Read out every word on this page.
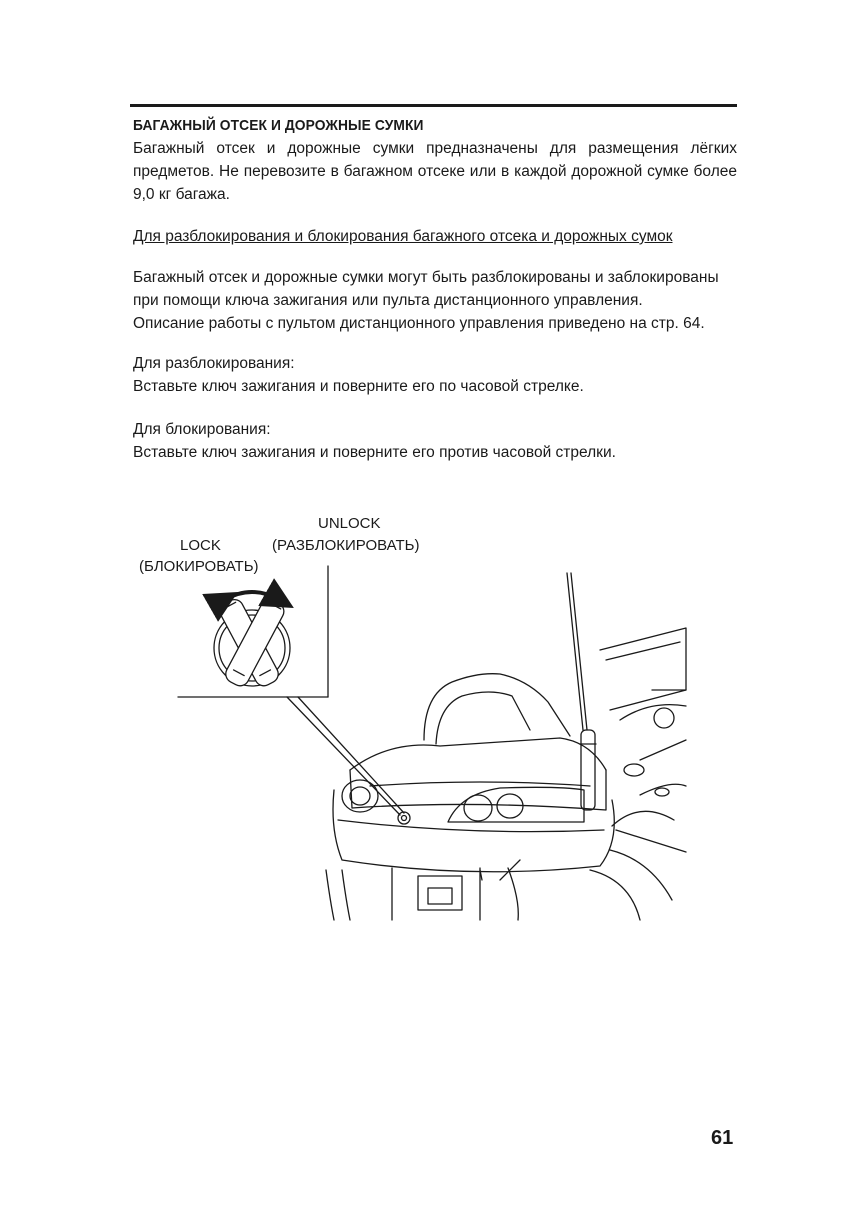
БАГАЖНЫЙ ОТСЕК И ДОРОЖНЫЕ СУМКИ
Багажный отсек и дорожные сумки предназначены для размещения лёгких предметов. Не перевозите в багажном отсеке или в каждой дорожной сумке более 9,0 кг багажа.
Для разблокирования и блокирования багажного отсека и дорожных сумок
Багажный отсек и дорожные сумки могут быть разблокированы и заблокированы
при помощи ключа зажигания или пульта дистанционного управления.
Описание работы с пультом дистанционного управления приведено на стр. 64.
Для разблокирования:
Вставьте ключ зажигания и поверните его по часовой стрелке.
Для блокирования:
Вставьте ключ зажигания и поверните его против часовой стрелки.
UNLOCK
(РАЗБЛОКИРОВАТЬ)
LOCK
(БЛОКИРОВАТЬ)
61
